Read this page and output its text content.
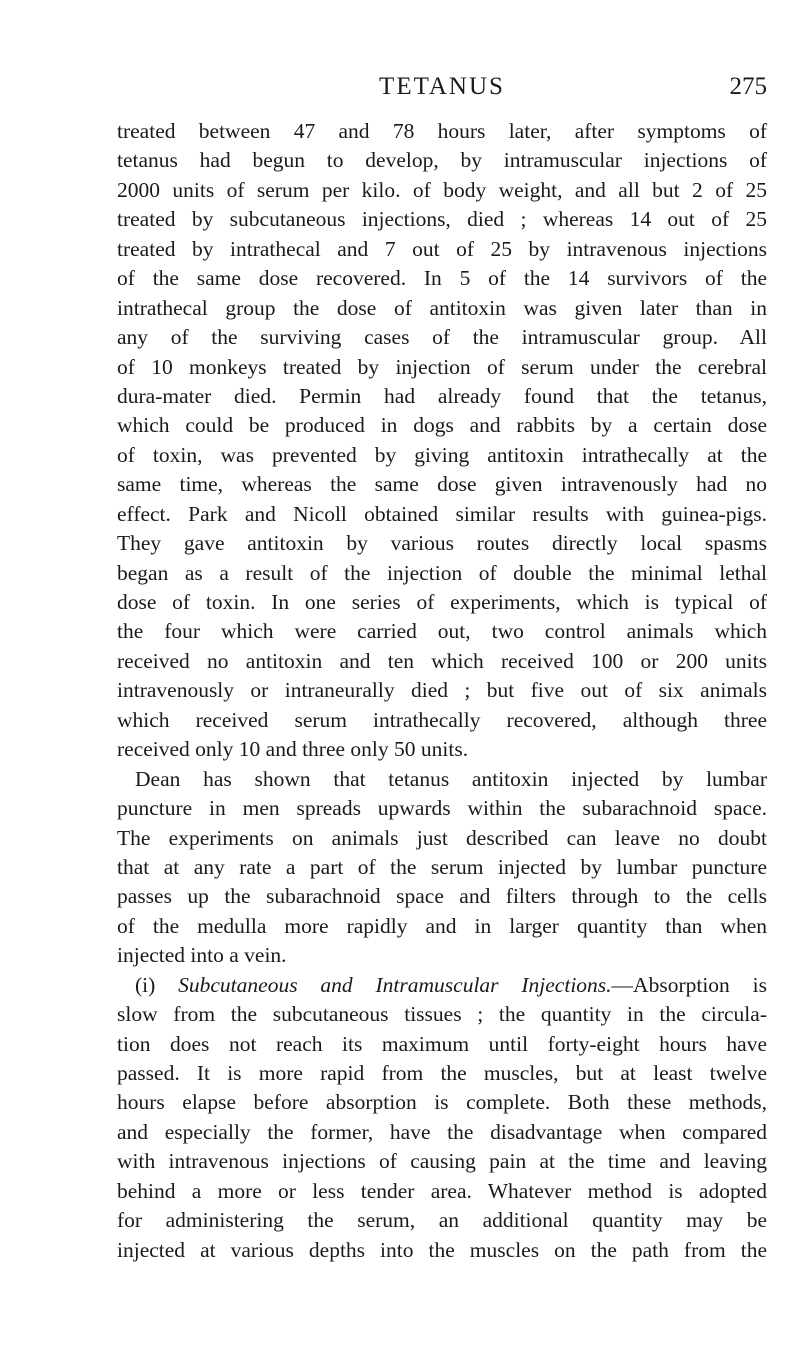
TETANUS	275
treated between 47 and 78 hours later, after symptoms of
tetanus had begun to develop, by intramuscular injections of
2000 units of serum per kilo. of body weight, and all but 2 of 25
treated by subcutaneous injections, died ; whereas 14 out of 25
treated by intrathecal and 7 out of 25 by intravenous injections
of the same dose recovered. In 5 of the 14 survivors of the
intrathecal group the dose of antitoxin was given later than in
any of the surviving cases of the intramuscular group. All
of 10 monkeys treated by injection of serum under the cerebral
dura-mater died. Permin had already found that the tetanus,
which could be produced in dogs and rabbits by a certain dose
of toxin, was prevented by giving antitoxin intrathecally at the
same time, whereas the same dose given intravenously had no
effect. Park and Nicoll obtained similar results with guinea-pigs.
They gave antitoxin by various routes directly local spasms
began as a result of the injection of double the minimal lethal
dose of toxin. In one series of experiments, which is typical of
the four which were carried out, two control animals which
received no antitoxin and ten which received 100 or 200 units
intravenously or intraneurally died ; but five out of six animals
which received serum intrathecally recovered, although three
received only 10 and three only 50 units.
Dean has shown that tetanus antitoxin injected by lumbar
puncture in men spreads upwards within the subarachnoid space.
The experiments on animals just described can leave no doubt
that at any rate a part of the serum injected by lumbar puncture
passes up the subarachnoid space and filters through to the cells
of the medulla more rapidly and in larger quantity than when
injected into a vein.
(i) Subcutaneous and Intramuscular Injections.—Absorption is
slow from the subcutaneous tissues ; the quantity in the circula-
tion does not reach its maximum until forty-eight hours have
passed. It is more rapid from the muscles, but at least twelve
hours elapse before absorption is complete. Both these methods,
and especially the former, have the disadvantage when compared
with intravenous injections of causing pain at the time and leaving
behind a more or less tender area. Whatever method is adopted
for administering the serum, an additional quantity may be
injected at various depths into the muscles on the path from the
